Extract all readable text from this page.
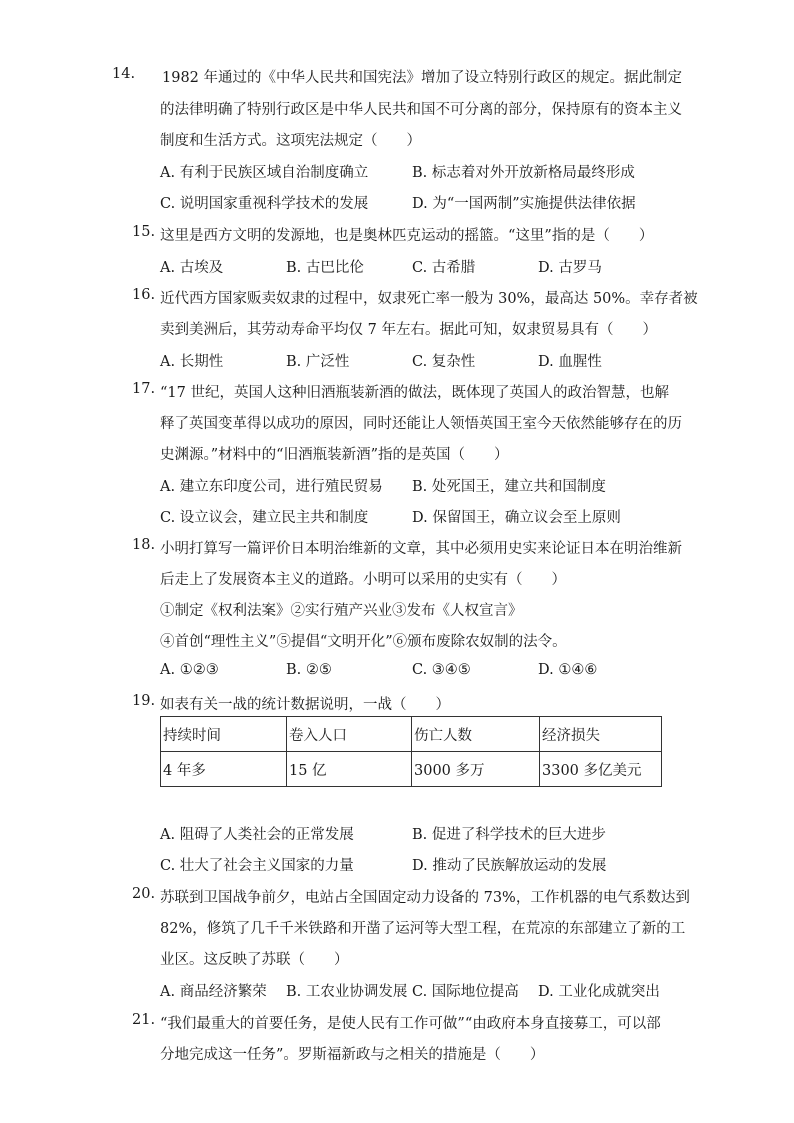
14. 1982 年通过的《中华人民共和国宪法》增加了设立特别行政区的规定。据此制定
的法律明确了特别行政区是中华人民共和国不可分离的部分，保持原有的资本主义
制度和生活方式。这项宪法规定（　　）
A. 有利于民族区域自治制度确立	B. 标志着对外开放新格局最终形成
C. 说明国家重视科学技术的发展	D. 为“一国两制”实施提供法律依据
15. 这里是西方文明的发源地，也是奥林匹克运动的摇篮。“这里”指的是（　　）
A. 古埃及	B. 古巴比伦	C. 古希腊	D. 古罗马
16. 近代西方国家贩卖奴隶的过程中，奴隶死亡率一般为 30%，最高达 50%。幸存者被
卖到美洲后，其劳动寿命平均仅 7 年左右。据此可知，奴隶贸易具有（　　）
A. 长期性	B. 广泛性	C. 复杂性	D. 血腥性
17. “17 世纪，英国人这种旧酒瓶装新酒的做法，既体现了英国人的政治智慧，也解
释了英国变革得以成功的原因，同时还能让人领悟英国王室今天依然能够存在的历
史渊源。”材料中的“旧酒瓶装新酒”指的是英国（　　）
A. 建立东印度公司，进行殖民贸易 B. 处死国王，建立共和国制度
C. 设立议会，建立民主共和制度	D. 保留国王，确立议会至上原则
18. 小明打算写一篇评价日本明治维新的文章，其中必须用史实来论证日本在明治维新
后走上了发展资本主义的道路。小明可以采用的史实有（　　）
①制定《权利法案》②实行殖产兴业③发布《人权宣言》
④首创“理性主义”⑤提倡“文明开化”⑥颁布废除农奴制的法令。
A. ①②③	B. ②⑤	C. ③④⑤	D. ①④⑥
19. 如表有关一战的统计数据说明，一战（　　）
持续时间	卷入人口	伤亡人数	经济损失
4 年多	15 亿	3000 多万	3300 多亿美元
A. 阻碍了人类社会的正常发展	B. 促进了科学技术的巨大进步
C. 壮大了社会主义国家的力量	D. 推动了民族解放运动的发展
20. 苏联到卫国战争前夕，电站占全国固定动力设备的 73%，工作机器的电气系数达到
82%，修筑了几千千米铁路和开凿了运河等大型工程，在荒凉的东部建立了新的工
业区。这反映了苏联（　　）
A. 商品经济繁荣 B. 工农业协调发展 C. 国际地位提高 D. 工业化成就突出
21. “我们最重大的首要任务，是使人民有工作可做”“由政府本身直接募工，可以部
分地完成这一任务”。罗斯福新政与之相关的措施是（　　）
